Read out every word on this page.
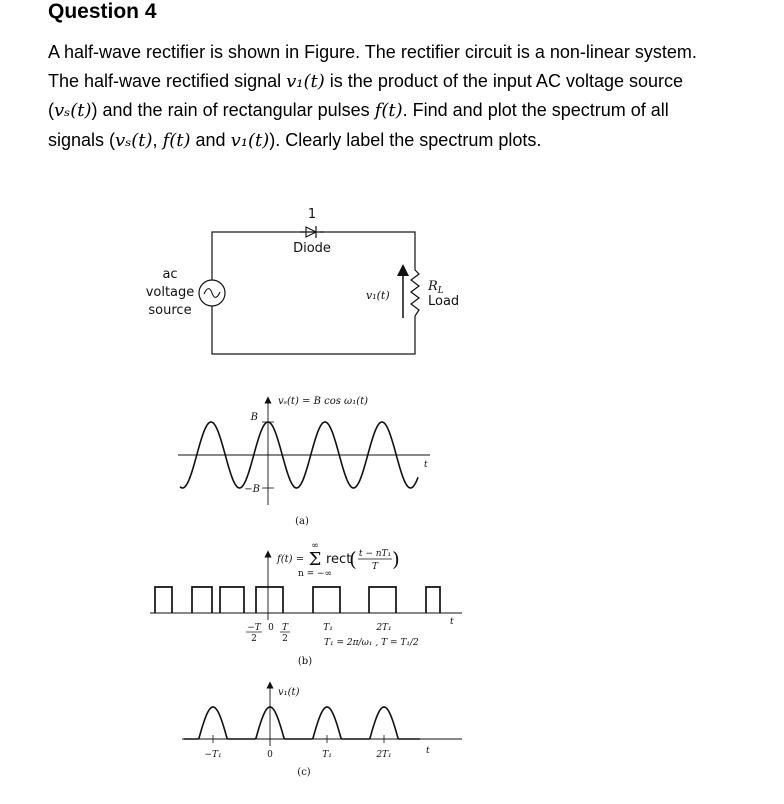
Question 4
A half-wave rectifier is shown in Figure. The rectifier circuit is a non-linear system.
The half-wave rectified signal v₁(t) is the product of the input AC voltage source
(vₛ(t)) and the rain of rectangular pulses f(t). Find and plot the spectrum of all
signals (vₛ(t), f(t) and v₁(t)). Clearly label the spectrum plots.
1
Diode
ac
voltage
source
v₁(t)
$R_L$
Load
vₛ(t) = B cos ω₁(t)
B
−B
t
(a)
f(t) =
∞
Σ
n = −∞
rect
( t − nT₁
T )
−T
2
0 T
2
T₁	2T₁
T₁ = 2π/ω₁ , T = T₁/2
t
(b)
v₁(t)
−T₁	0	T₁	2T₁	t
(c)
